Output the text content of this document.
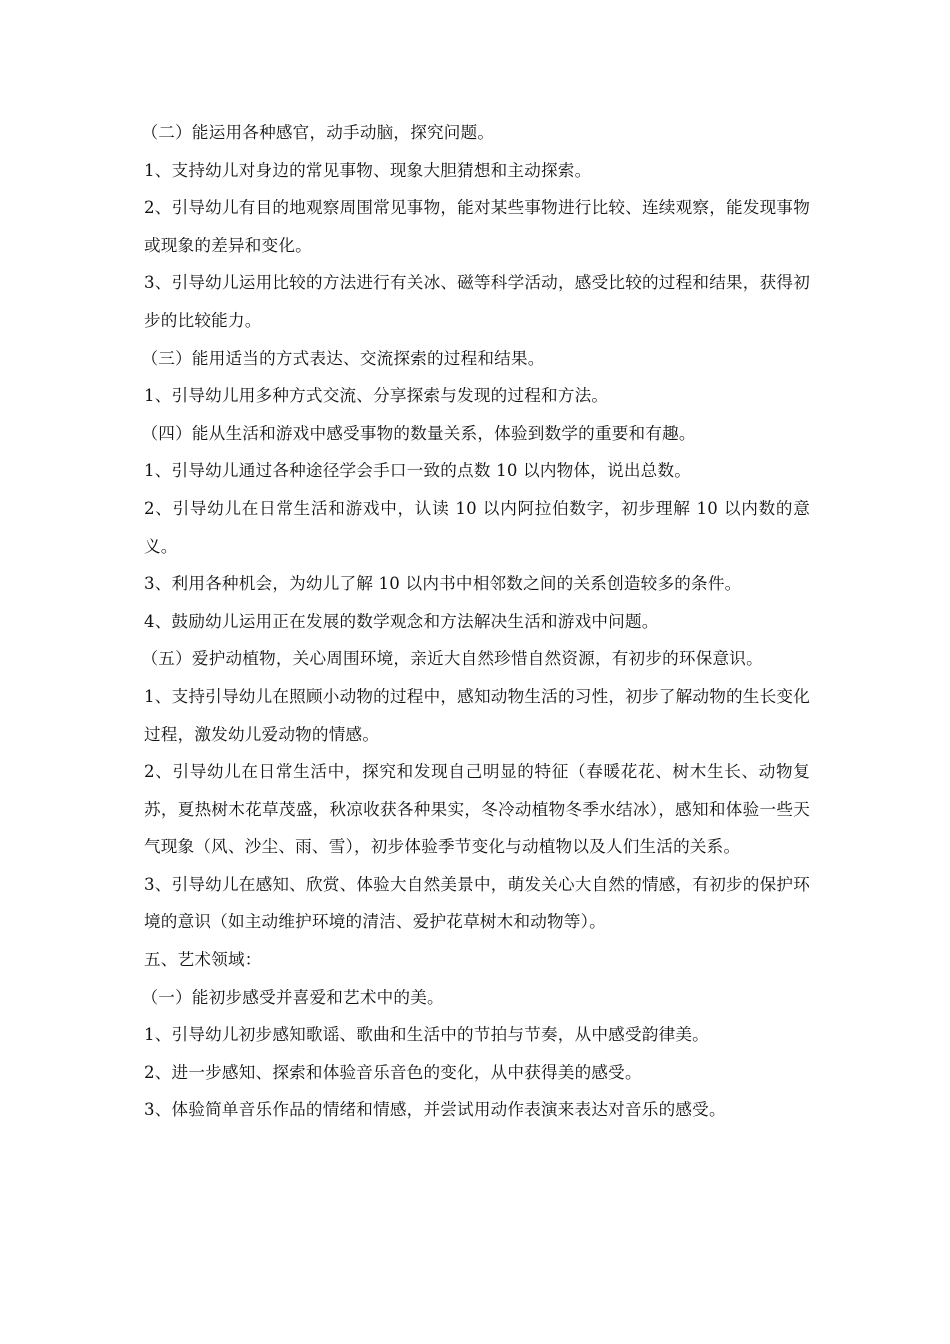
（二）能运用各种感官，动手动脑，探究问题。

1、支持幼儿对身边的常见事物、现象大胆猜想和主动探索。

2、引导幼儿有目的地观察周围常见事物，能对某些事物进行比较、连续观察，能发现事物或现象的差异和变化。

3、引导幼儿运用比较的方法进行有关冰、磁等科学活动，感受比较的过程和结果，获得初步的比较能力。

（三）能用适当的方式表达、交流探索的过程和结果。

1、引导幼儿用多种方式交流、分享探索与发现的过程和方法。

（四）能从生活和游戏中感受事物的数量关系，体验到数学的重要和有趣。

1、引导幼儿通过各种途径学会手口一致的点数 10 以内物体，说出总数。

2、引导幼儿在日常生活和游戏中，认读 10 以内阿拉伯数字，初步理解 10 以内数的意义。

3、利用各种机会，为幼儿了解 10 以内书中相邻数之间的关系创造较多的条件。

4、鼓励幼儿运用正在发展的数学观念和方法解决生活和游戏中问题。

（五）爱护动植物，关心周围环境，亲近大自然珍惜自然资源，有初步的环保意识。

1、支持引导幼儿在照顾小动物的过程中，感知动物生活的习性，初步了解动物的生长变化过程，激发幼儿爱动物的情感。

2、引导幼儿在日常生活中，探究和发现自己明显的特征（春暖花花、树木生长、动物复苏，夏热树木花草茂盛，秋凉收获各种果实，冬冷动植物冬季水结冰），感知和体验一些天气现象（风、沙尘、雨、雪），初步体验季节变化与动植物以及人们生活的关系。

3、引导幼儿在感知、欣赏、体验大自然美景中，萌发关心大自然的情感，有初步的保护环境的意识（如主动维护环境的清洁、爱护花草树木和动物等）。

五、艺术领域：

（一）能初步感受并喜爱和艺术中的美。

1、引导幼儿初步感知歌谣、歌曲和生活中的节拍与节奏，从中感受韵律美。

2、进一步感知、探索和体验音乐音色的变化，从中获得美的感受。

3、体验简单音乐作品的情绪和情感，并尝试用动作表演来表达对音乐的感受。
